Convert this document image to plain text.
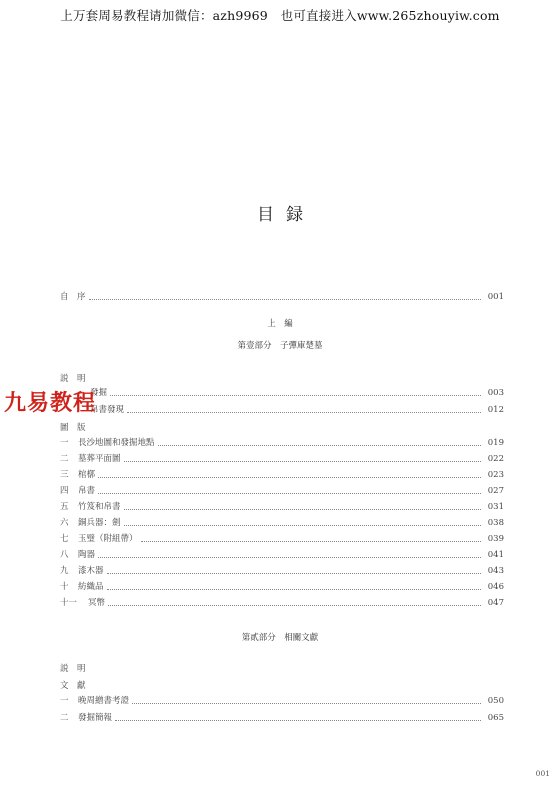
上万套周易教程请加微信：azh9969　也可直接进入www.265zhouyiw.com
目録
自　序	001
上　編
第壹部分　子彈庫楚墓
説　明
發掘	003
帛書發現	012
圖　版
一	長沙地圖和發掘地點	019
二	墓葬平面圖	022
三	棺槨	023
四	帛書	027
五	竹笈和帛書	031
六	銅兵器：劍	038
七	玉璧（附組帶）	039
八	陶器	041
九	漆木器	043
十	紡織品	046
十一	冥幣	047
第貳部分　相關文獻
説　明
文　獻
一	晚周繒書考證	050
二	發掘簡報	065
九易教程
001
